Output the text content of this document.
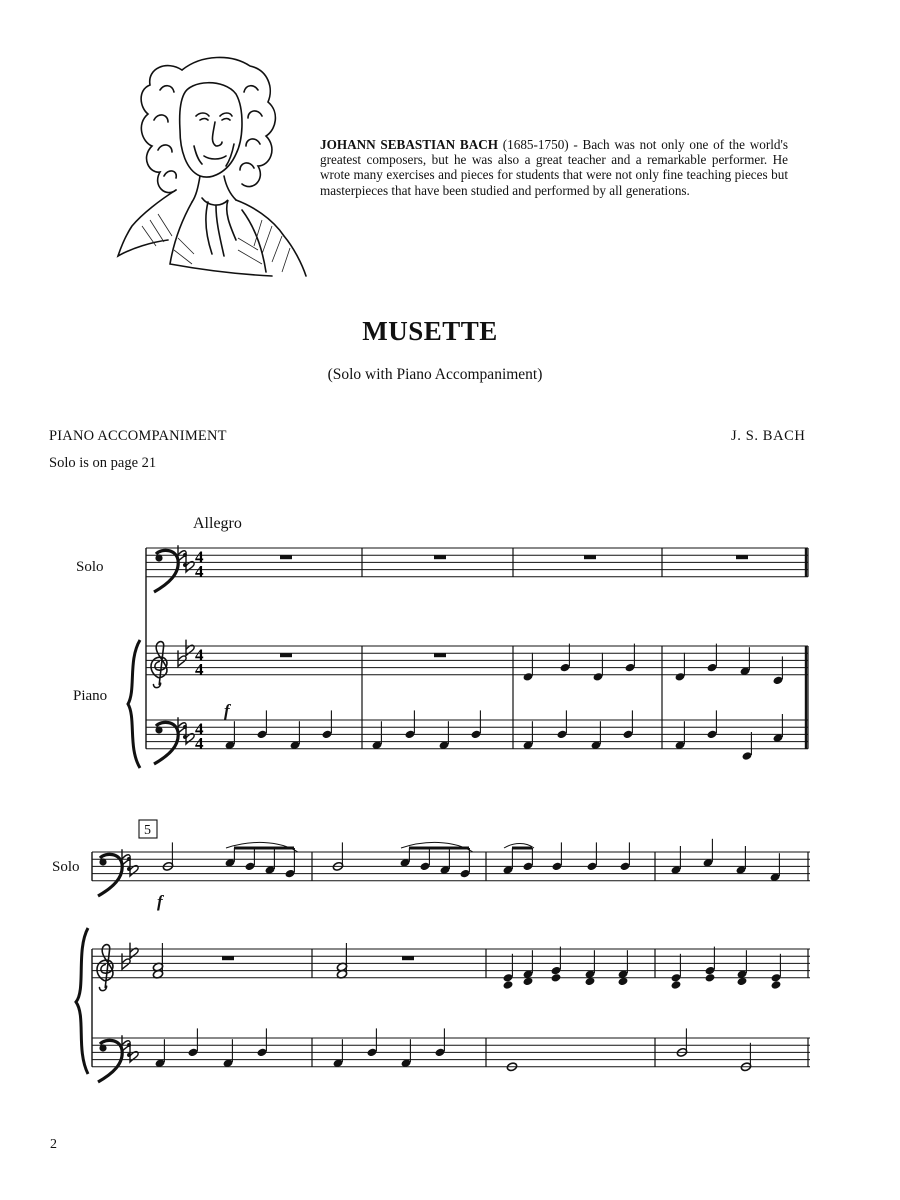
JOHANN SEBASTIAN BACH (1685-1750) - Bach was not only one of the world's greatest composers, but he was also a great teacher and a remarkable performer. He wrote many exercises and pieces for students that were not only fine teaching pieces but masterpieces that have been studied and performed by all generations.
MUSETTE
(Solo with Piano Accompaniment)
PIANO ACCOMPANIMENT
Solo is on page 21
J. S. BACH
4
4
4
4
4
4
Allegro
Solo
Piano
Solo
f
f
5
2
